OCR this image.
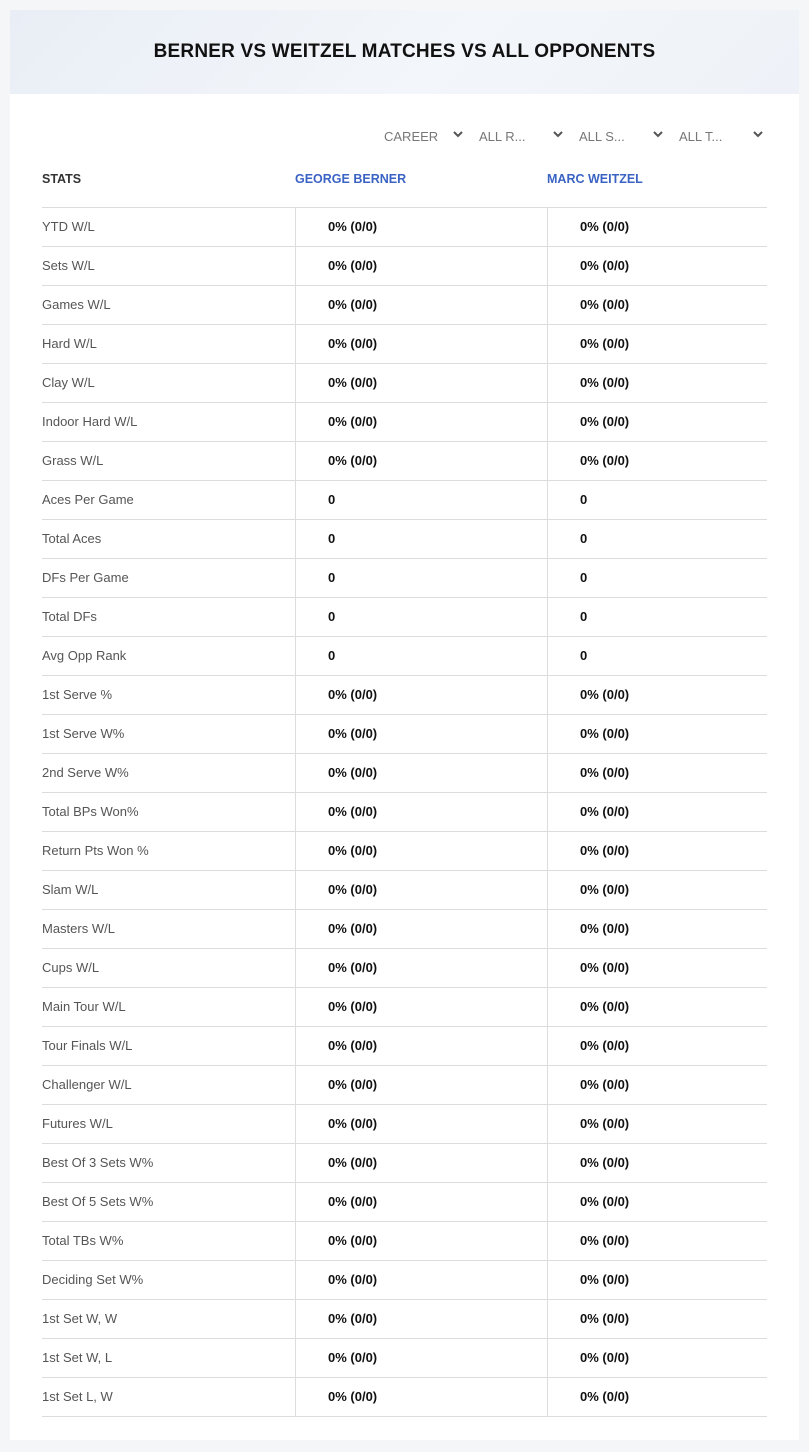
BERNER VS WEITZEL MATCHES VS ALL OPPONENTS
CAREER	ALL R...	ALL S...	ALL T...
STATS	GEORGE BERNER	MARC WEITZEL
YTD W/L	0% (0/0)	0% (0/0)
Sets W/L	0% (0/0)	0% (0/0)
Games W/L	0% (0/0)	0% (0/0)
Hard W/L	0% (0/0)	0% (0/0)
Clay W/L	0% (0/0)	0% (0/0)
Indoor Hard W/L	0% (0/0)	0% (0/0)
Grass W/L	0% (0/0)	0% (0/0)
Aces Per Game	0	0
Total Aces	0	0
DFs Per Game	0	0
Total DFs	0	0
Avg Opp Rank	0	0
1st Serve %	0% (0/0)	0% (0/0)
1st Serve W%	0% (0/0)	0% (0/0)
2nd Serve W%	0% (0/0)	0% (0/0)
Total BPs Won%	0% (0/0)	0% (0/0)
Return Pts Won %	0% (0/0)	0% (0/0)
Slam W/L	0% (0/0)	0% (0/0)
Masters W/L	0% (0/0)	0% (0/0)
Cups W/L	0% (0/0)	0% (0/0)
Main Tour W/L	0% (0/0)	0% (0/0)
Tour Finals W/L	0% (0/0)	0% (0/0)
Challenger W/L	0% (0/0)	0% (0/0)
Futures W/L	0% (0/0)	0% (0/0)
Best Of 3 Sets W%	0% (0/0)	0% (0/0)
Best Of 5 Sets W%	0% (0/0)	0% (0/0)
Total TBs W%	0% (0/0)	0% (0/0)
Deciding Set W%	0% (0/0)	0% (0/0)
1st Set W, W	0% (0/0)	0% (0/0)
1st Set W, L	0% (0/0)	0% (0/0)
1st Set L, W	0% (0/0)	0% (0/0)
